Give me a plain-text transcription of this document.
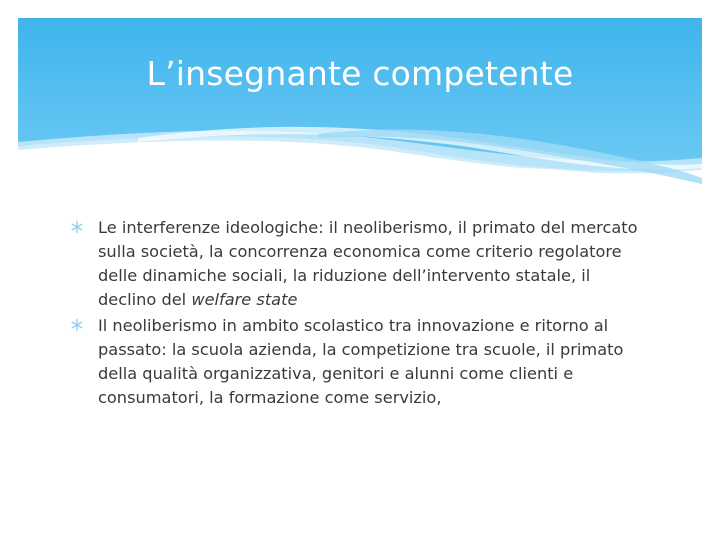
L’insegnante competente
Le interferenze ideologiche: il neoliberismo, il primato del mercato sulla società, la concorrenza economica come criterio regolatore delle dinamiche sociali, la riduzione dell’intervento statale, il declino del welfare state
Il neoliberismo in ambito scolastico tra innovazione e ritorno al passato: la scuola azienda, la competizione tra scuole, il primato della qualità organizzativa, genitori e alunni come clienti e consumatori, la formazione come servizio,
